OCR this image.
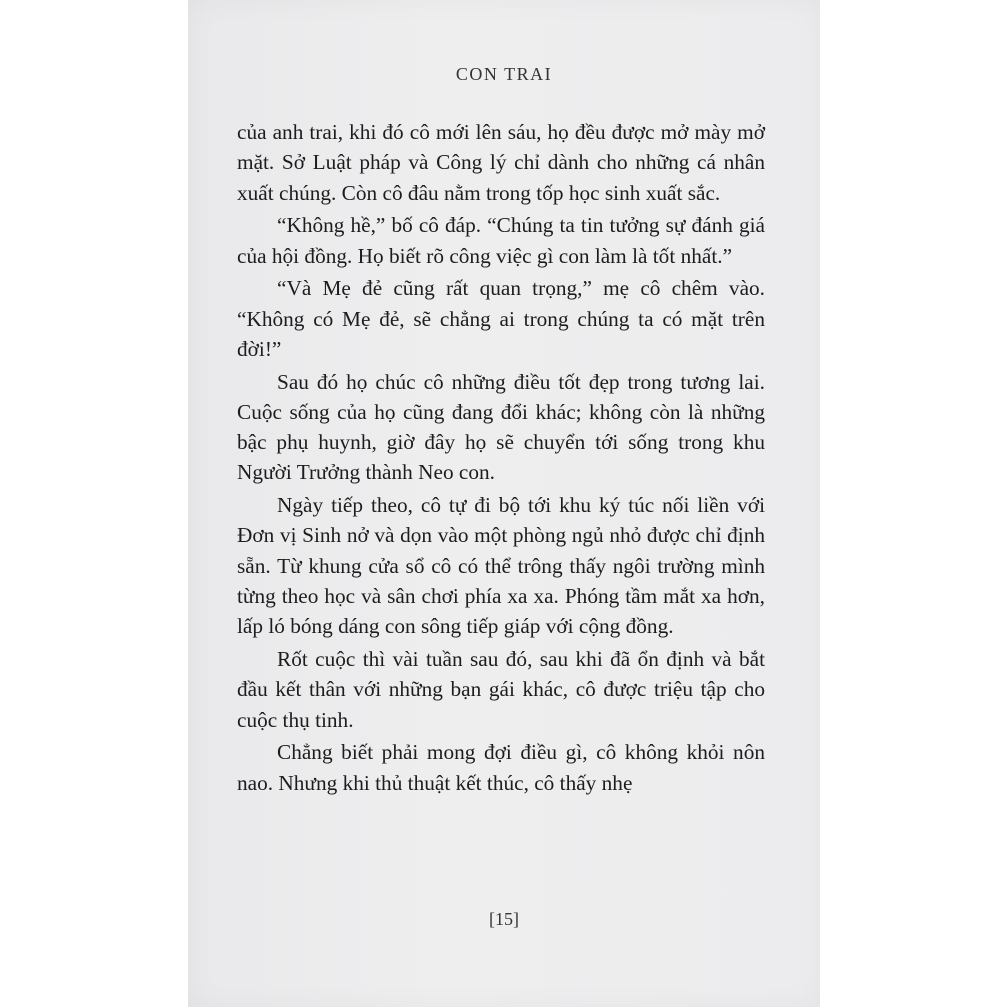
CON TRAI

của anh trai, khi đó cô mới lên sáu, họ đều được mở mày mở mặt. Sở Luật pháp và Công lý chỉ dành cho những cá nhân xuất chúng. Còn cô đâu nằm trong tốp học sinh xuất sắc.

“Không hề,” bố cô đáp. “Chúng ta tin tưởng sự đánh giá của hội đồng. Họ biết rõ công việc gì con làm là tốt nhất.”

“Và Mẹ đẻ cũng rất quan trọng,” mẹ cô chêm vào. “Không có Mẹ đẻ, sẽ chẳng ai trong chúng ta có mặt trên đời!”

Sau đó họ chúc cô những điều tốt đẹp trong tương lai. Cuộc sống của họ cũng đang đổi khác; không còn là những bậc phụ huynh, giờ đây họ sẽ chuyển tới sống trong khu Người Trưởng thành Neo con.

Ngày tiếp theo, cô tự đi bộ tới khu ký túc nối liền với Đơn vị Sinh nở và dọn vào một phòng ngủ nhỏ được chỉ định sẵn. Từ khung cửa sổ cô có thể trông thấy ngôi trường mình từng theo học và sân chơi phía xa xa. Phóng tầm mắt xa hơn, lấp ló bóng dáng con sông tiếp giáp với cộng đồng.

Rốt cuộc thì vài tuần sau đó, sau khi đã ổn định và bắt đầu kết thân với những bạn gái khác, cô được triệu tập cho cuộc thụ tinh.

Chẳng biết phải mong đợi điều gì, cô không khỏi nôn nao. Nhưng khi thủ thuật kết thúc, cô thấy nhẹ

[15]
